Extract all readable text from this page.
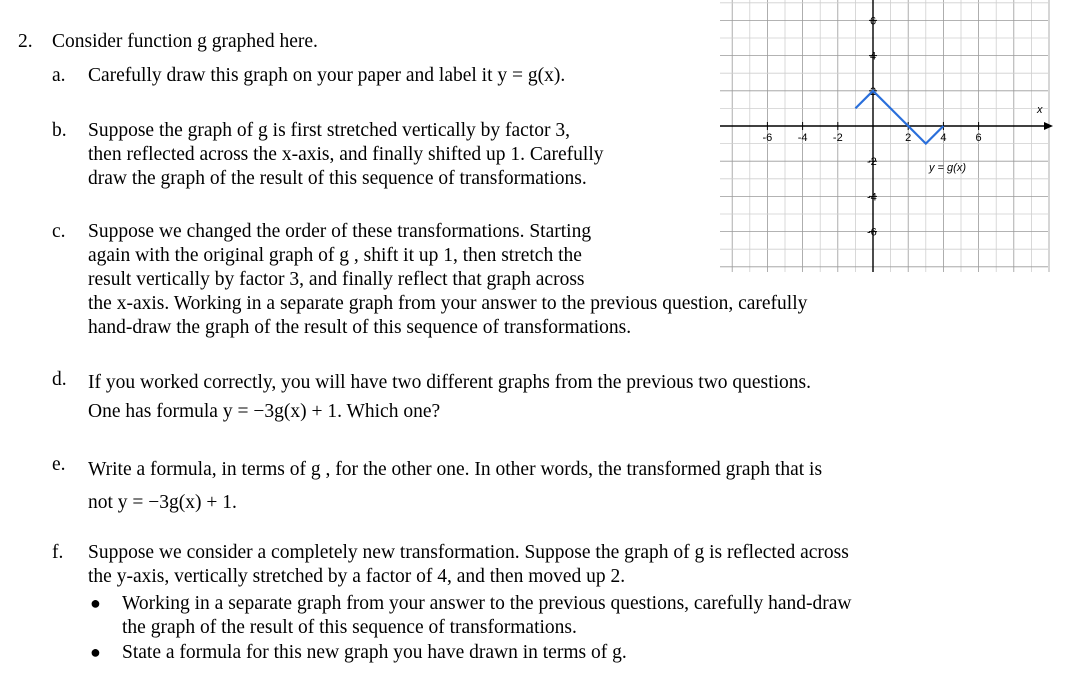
2. Consider function g graphed here.
a. Carefully draw this graph on your paper and label it y = g(x).
b. Suppose the graph of g is first stretched vertically by factor 3,
then reflected across the x-axis, and finally shifted up 1. Carefully
draw the graph of the result of this sequence of transformations.
c. Suppose we changed the order of these transformations. Starting
again with the original graph of g , shift it up 1, then stretch the
result vertically by factor 3, and finally reflect that graph across
the x-axis. Working in a separate graph from your answer to the previous question, carefully
hand-draw the graph of the result of this sequence of transformations.
d. If you worked correctly, you will have two different graphs from the previous two questions.
One has formula y = −3g(x) + 1. Which one?
e. Write a formula, in terms of g , for the other one. In other words, the transformed graph that is
not y = −3g(x) + 1.
f. Suppose we consider a completely new transformation. Suppose the graph of g is reflected across
the y-axis, vertically stretched by a factor of 4, and then moved up 2.
● Working in a separate graph from your answer to the previous questions, carefully hand-draw
the graph of the result of this sequence of transformations.
● State a formula for this new graph you have drawn in terms of g.
-6 -4 -2	2	4	6
6
4
2
-2
-4
-6
x
y = g(x)
